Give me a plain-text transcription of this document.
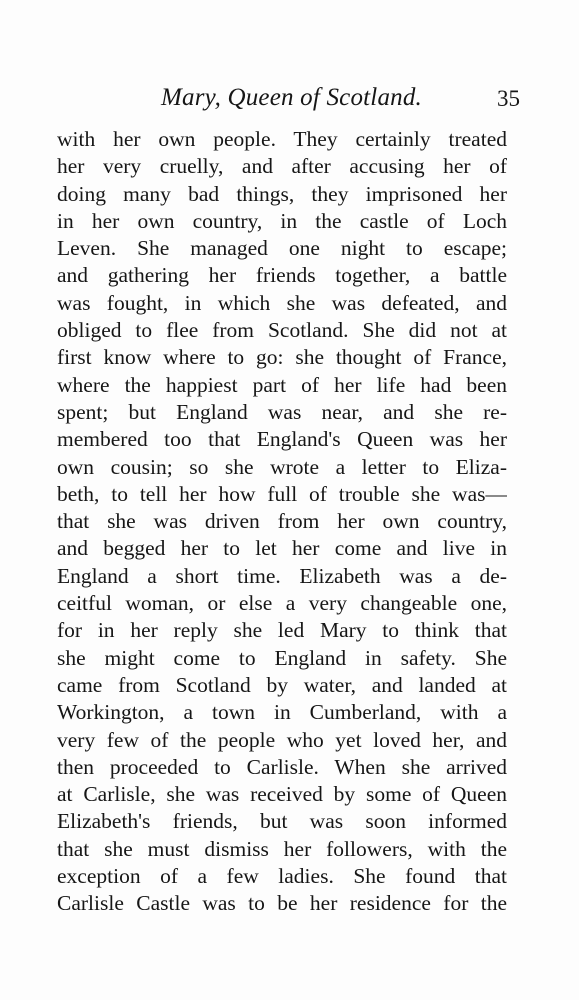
Mary, Queen of Scotland.	35
with her own people. They certainly treated
her very cruelly, and after accusing her of
doing many bad things, they imprisoned her
in her own country, in the castle of Loch
Leven. She managed one night to escape;
and gathering her friends together, a battle
was fought, in which she was defeated, and
obliged to flee from Scotland. She did not at
first know where to go: she thought of France,
where the happiest part of her life had been
spent; but England was near, and she re-
membered too that England's Queen was her
own cousin; so she wrote a letter to Eliza-
beth, to tell her how full of trouble she was—
that she was driven from her own country,
and begged her to let her come and live in
England a short time. Elizabeth was a de-
ceitful woman, or else a very changeable one,
for in her reply she led Mary to think that
she might come to England in safety. She
came from Scotland by water, and landed at
Workington, a town in Cumberland, with a
very few of the people who yet loved her, and
then proceeded to Carlisle. When she arrived
at Carlisle, she was received by some of Queen
Elizabeth's friends, but was soon informed
that she must dismiss her followers, with the
exception of a few ladies. She found that
Carlisle Castle was to be her residence for the
